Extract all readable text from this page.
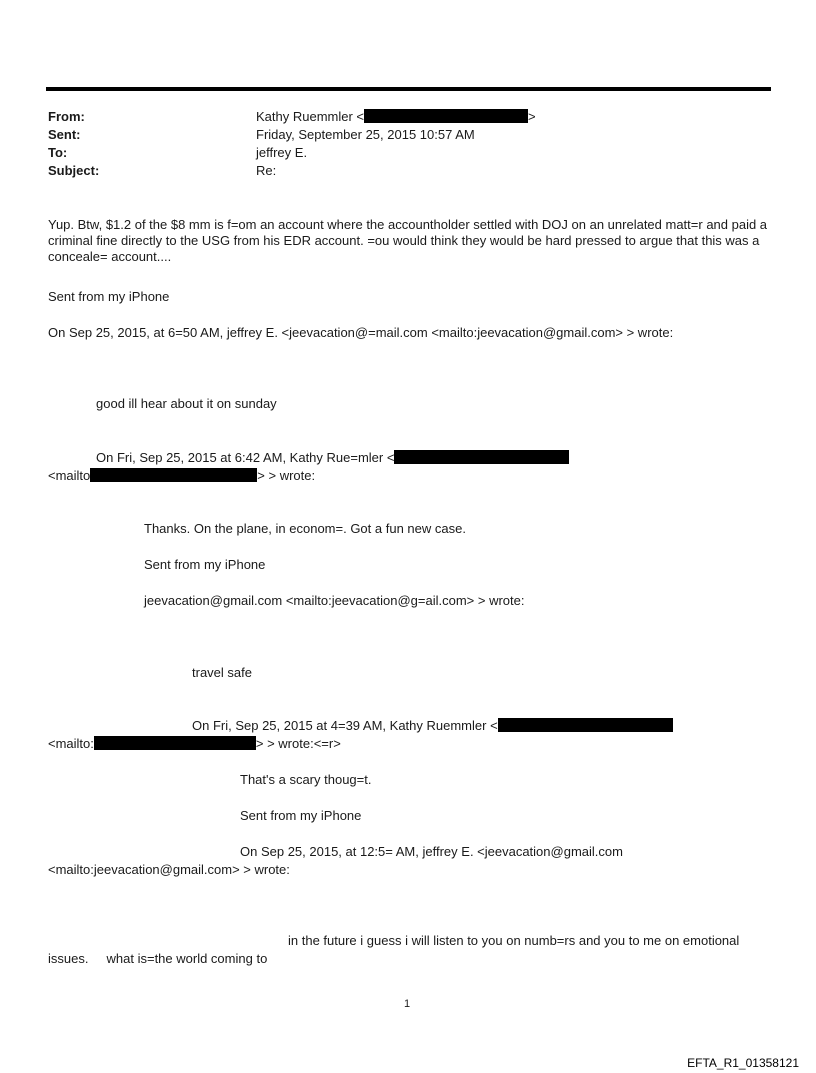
From:	Kathy Ruemmler <	>
Sent:	Friday, September 25, 2015 10:57 AM
To:	jeffrey E.
Subject:	Re:
Yup. Btw, $1.2 of the $8 mm is f=om an account where the accountholder settled with DOJ on an unrelated matt=r and paid a criminal fine directly to the USG from his EDR account. =ou would think they would be hard pressed to argue that this was a conceale= account....
Sent from my iPhone
On Sep 25, 2015, at 6=50 AM, jeffrey E. <jeevacation@=mail.com <mailto:jeevacation@gmail.com> > wrote:
good ill hear about it on sunday
On Fri, Sep 25, 2015 at 6:42 AM, Kathy Rue=mler <
<mailto	> > wrote:
Thanks. On the plane, in econom=. Got a fun new case.
Sent from my iPhone
jeevacation@gmail.com <mailto:jeevacation@g=ail.com> > wrote:
travel safe
On Fri, Sep 25, 2015 at 4=39 AM, Kathy Ruemmler <
<mailto:	> > wrote:<=r>
That's a scary thoug=t.
Sent from my iPhone
On Sep 25, 2015, at 12:5= AM, jeffrey E. <jeevacation@gmail.com
<mailto:jeevacation@gmail.com> > wrote:
in the future i guess i will listen to you on numb=rs and you to me on emotional
issues.     what is=the world coming to
1
EFTA_R1_01358121
